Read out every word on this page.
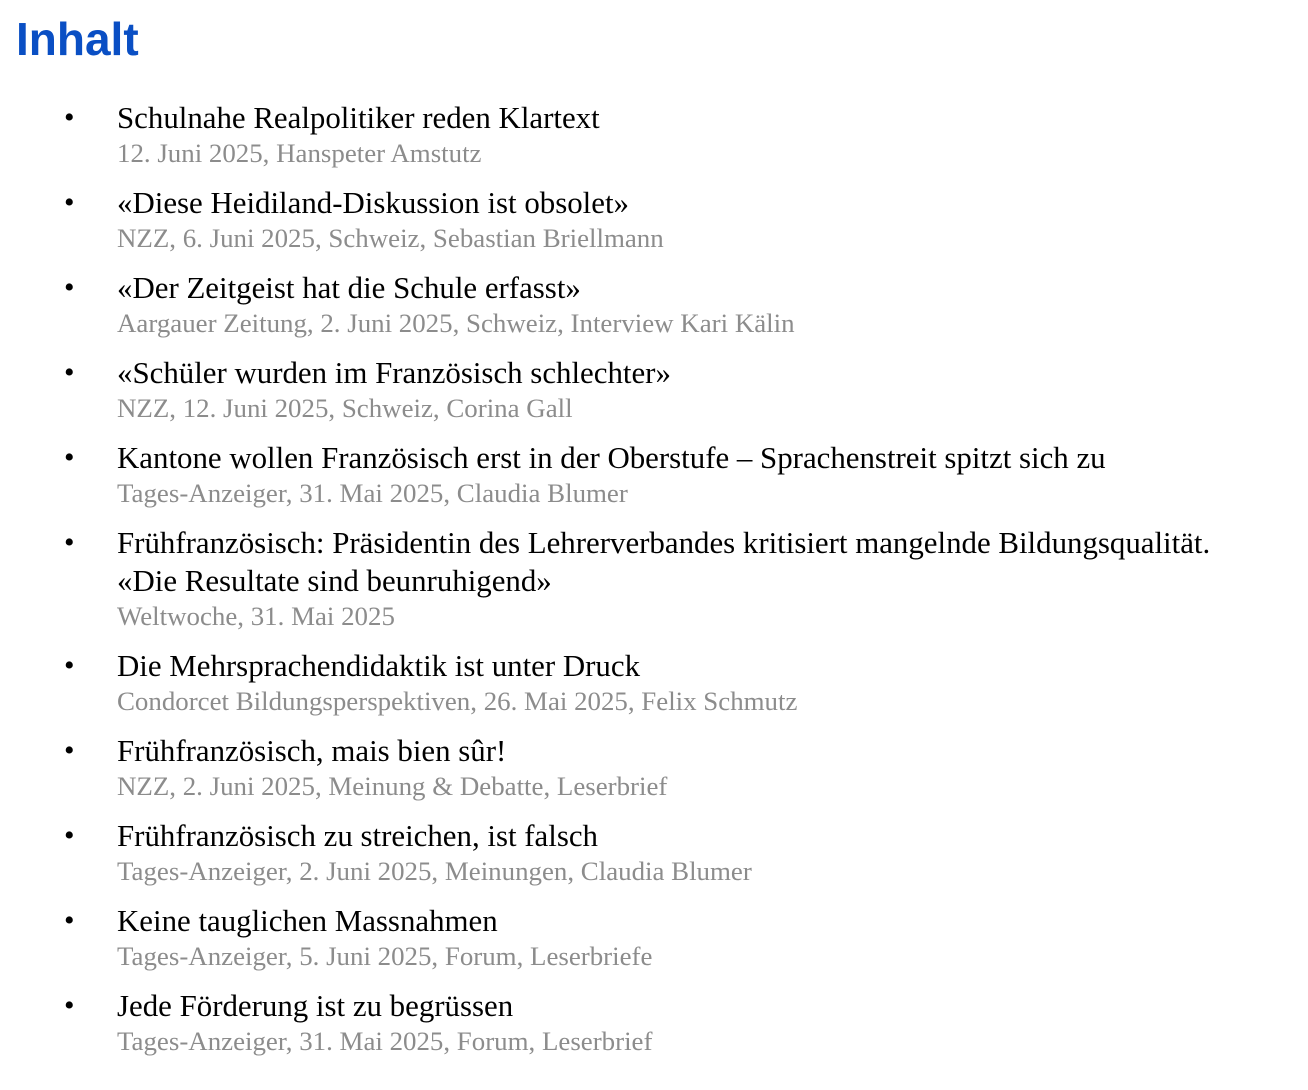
Inhalt
• Schulnahe Realpolitiker reden Klartext
12. Juni 2025, Hanspeter Amstutz
• «Diese Heidiland-Diskussion ist obsolet»
NZZ, 6. Juni 2025, Schweiz, Sebastian Briellmann
• «Der Zeitgeist hat die Schule erfasst»
Aargauer Zeitung, 2. Juni 2025, Schweiz, Interview Kari Kälin
• «Schüler wurden im Französisch schlechter»
NZZ, 12. Juni 2025, Schweiz, Corina Gall
• Kantone wollen Französisch erst in der Oberstufe – Sprachenstreit spitzt sich zu
Tages-Anzeiger, 31. Mai 2025, Claudia Blumer
• Frühfranzösisch: Präsidentin des Lehrerverbandes kritisiert mangelnde Bildungsqualität.
«Die Resultate sind beunruhigend»
Weltwoche, 31. Mai 2025
• Die Mehrsprachendidaktik ist unter Druck
Condorcet Bildungsperspektiven, 26. Mai 2025, Felix Schmutz
• Frühfranzösisch, mais bien sûr!
NZZ, 2. Juni 2025, Meinung & Debatte, Leserbrief
• Frühfranzösisch zu streichen, ist falsch
Tages-Anzeiger, 2. Juni 2025, Meinungen, Claudia Blumer
• Keine tauglichen Massnahmen
Tages-Anzeiger, 5. Juni 2025, Forum, Leserbriefe
• Jede Förderung ist zu begrüssen
Tages-Anzeiger, 31. Mai 2025, Forum, Leserbrief
